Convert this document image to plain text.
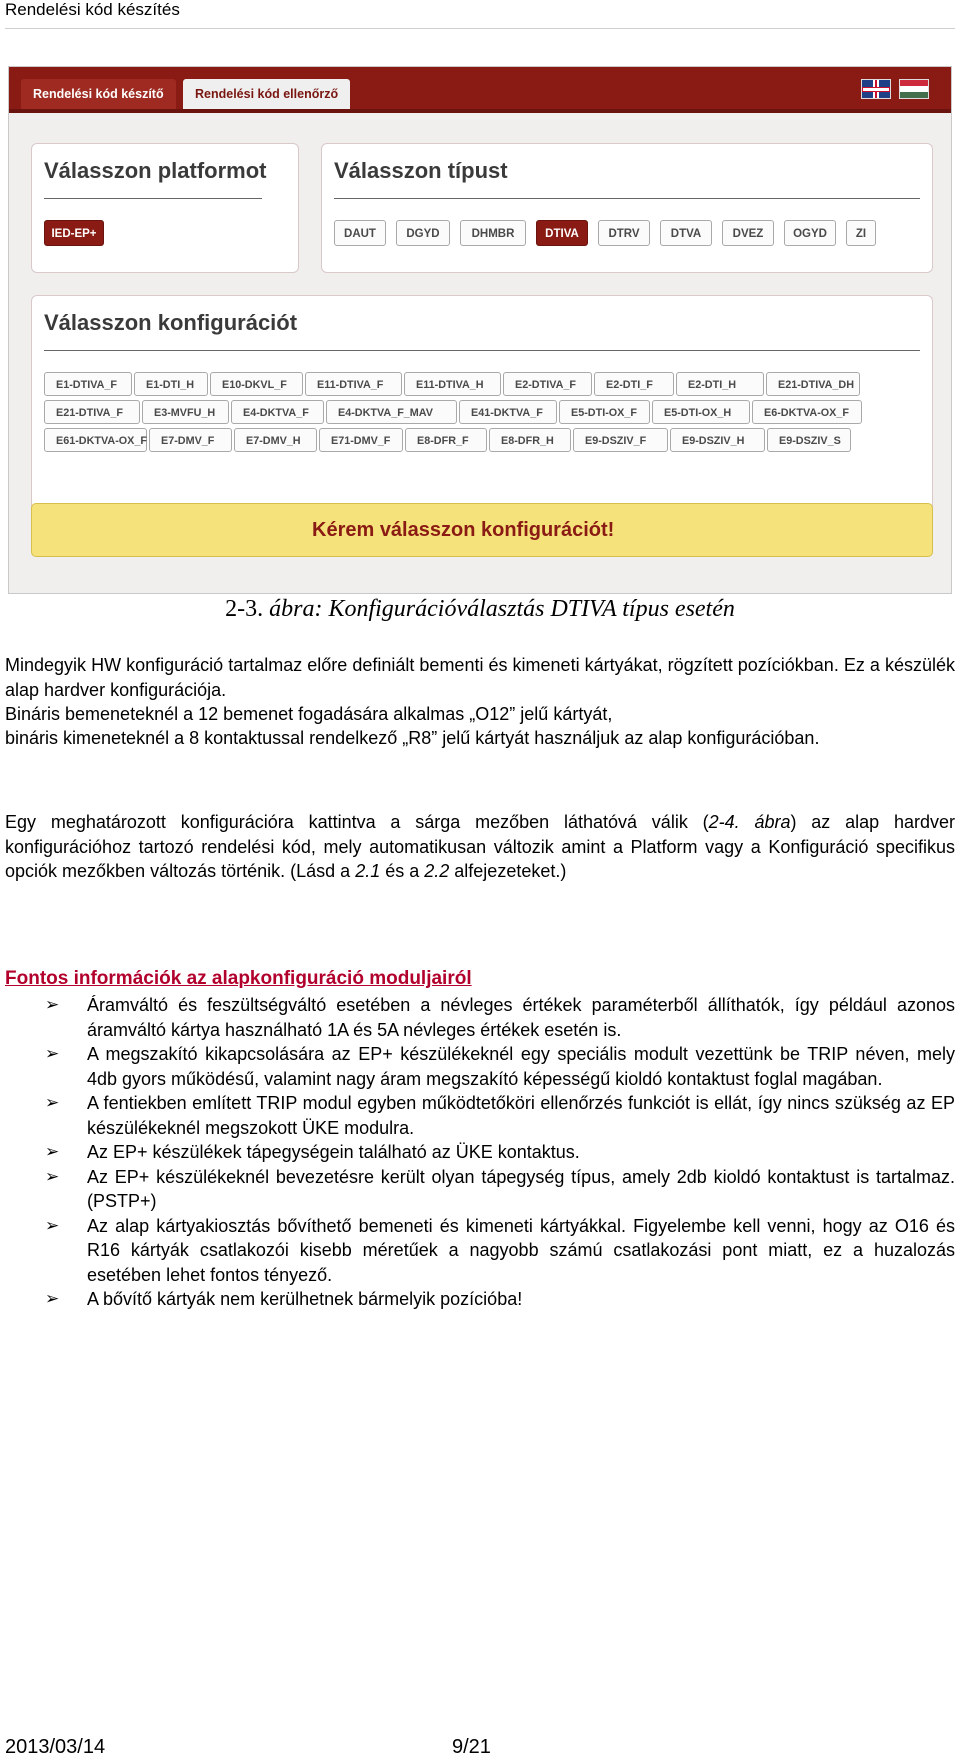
Rendelési kód készítés
Rendelési kód készítő	Rendelési kód ellenőrző
Válasszon platformot
IED-EP+
Válasszon típust
DAUT	DGYD	DHMBR	DTIVA	DTRV	DTVA	DVEZ	OGYD	ZI
Válasszon konfigurációt
E1-DTIVA_F	E1-DTI_H	E10-DKVL_F	E11-DTIVA_F	E11-DTIVA_H	E2-DTIVA_F	E2-DTI_F	E2-DTI_H	E21-DTIVA_DH
E21-DTIVA_F	E3-MVFU_H	E4-DKTVA_F	E4-DKTVA_F_MAV	E41-DKTVA_F	E5-DTI-OX_F	E5-DTI-OX_H	E6-DKTVA-OX_F
E61-DKTVA-OX_F	E7-DMV_F	E7-DMV_H	E71-DMV_F	E8-DFR_F	E8-DFR_H	E9-DSZIV_F	E9-DSZIV_H	E9-DSZIV_S
Kérem válasszon konfigurációt!
2-3. ábra: Konfigurációválasztás DTIVA típus esetén
Mindegyik HW konfiguráció tartalmaz előre definiált bementi és kimeneti kártyákat, rögzített pozíciókban. Ez a készülék alap hardver konfigurációja.
Bináris bemeneteknél a 12 bemenet fogadására alkalmas „O12” jelű kártyát,
bináris kimeneteknél a 8 kontaktussal rendelkező „R8” jelű kártyát használjuk az alap konfigurációban.
Egy meghatározott konfigurációra kattintva a sárga mezőben láthatóvá válik (2-4. ábra) az alap hardver konfigurációhoz tartozó rendelési kód, mely automatikusan változik amint a Platform vagy a Konfiguráció specifikus opciók mezőkben változás történik. (Lásd a 2.1 és a 2.2 alfejezeteket.)
Fontos információk az alapkonfiguráció moduljairól
➢ Áramváltó és feszültségváltó esetében a névleges értékek paraméterből állíthatók, így például azonos áramváltó kártya használható 1A és 5A névleges értékek esetén is.
➢ A megszakító kikapcsolására az EP+ készülékeknél egy speciális modult vezettünk be TRIP néven, mely 4db gyors működésű, valamint nagy áram megszakító képességű kioldó kontaktust foglal magában.
➢ A fentiekben említett TRIP modul egyben működtetőköri ellenőrzés funkciót is ellát, így nincs szükség az EP készülékeknél megszokott ÜKE modulra.
➢ Az EP+ készülékek tápegységein található az ÜKE kontaktus.
➢ Az EP+ készülékeknél bevezetésre került olyan tápegység típus, amely 2db kioldó kontaktust is tartalmaz. (PSTP+)
➢ Az alap kártyakiosztás bővíthető bemeneti és kimeneti kártyákkal. Figyelembe kell venni, hogy az O16 és R16 kártyák csatlakozói kisebb méretűek a nagyobb számú csatlakozási pont miatt, ez a huzalozás esetében lehet fontos tényező.
➢ A bővítő kártyák nem kerülhetnek bármelyik pozícióba!
2013/03/14	9/21
